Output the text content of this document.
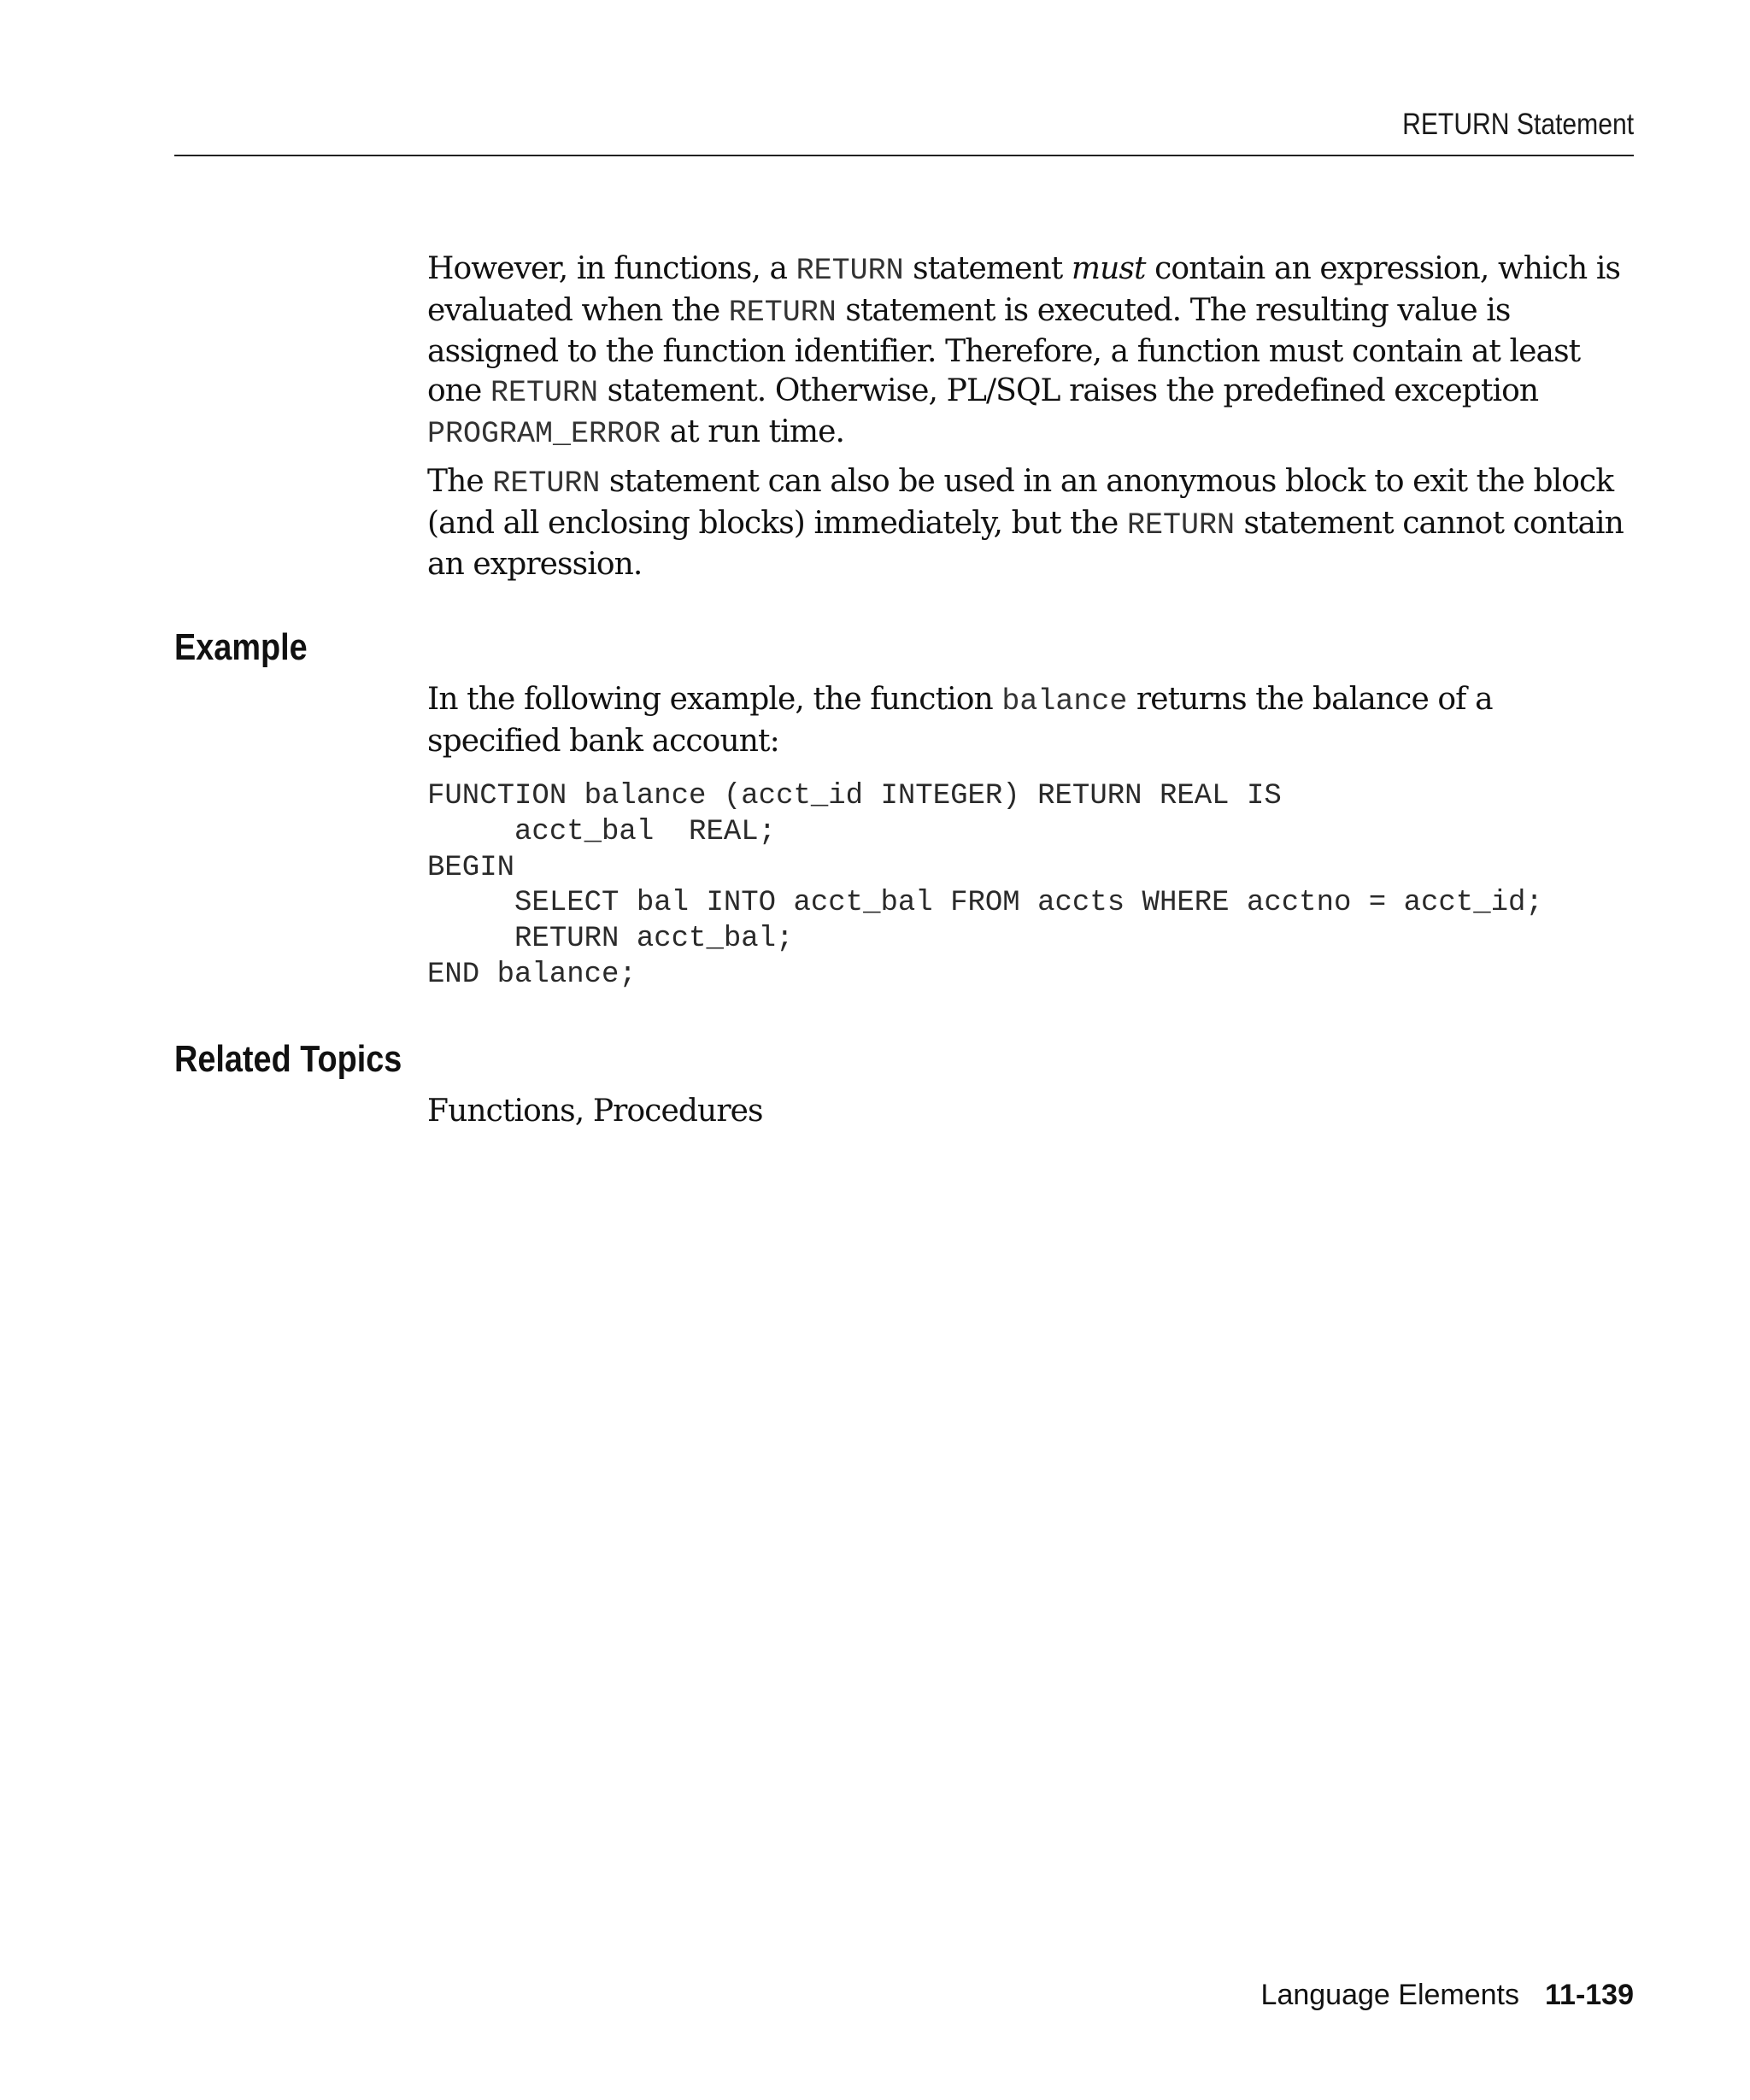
RETURN Statement

However, in functions, a RETURN statement must contain an expression, which is evaluated when the RETURN statement is executed. The resulting value is assigned to the function identifier. Therefore, a function must contain at least one RETURN statement. Otherwise, PL/SQL raises the predefined exception PROGRAM_ERROR at run time.

The RETURN statement can also be used in an anonymous block to exit the block (and all enclosing blocks) immediately, but the RETURN statement cannot contain an expression.

Example

In the following example, the function balance returns the balance of a specified bank account:

FUNCTION balance (acct_id INTEGER) RETURN REAL IS
acct_bal  REAL;
BEGIN
SELECT bal INTO acct_bal FROM accts WHERE acctno = acct_id;
RETURN acct_bal;
END balance;
Related Topics

Functions, Procedures

Language Elements 11-139
